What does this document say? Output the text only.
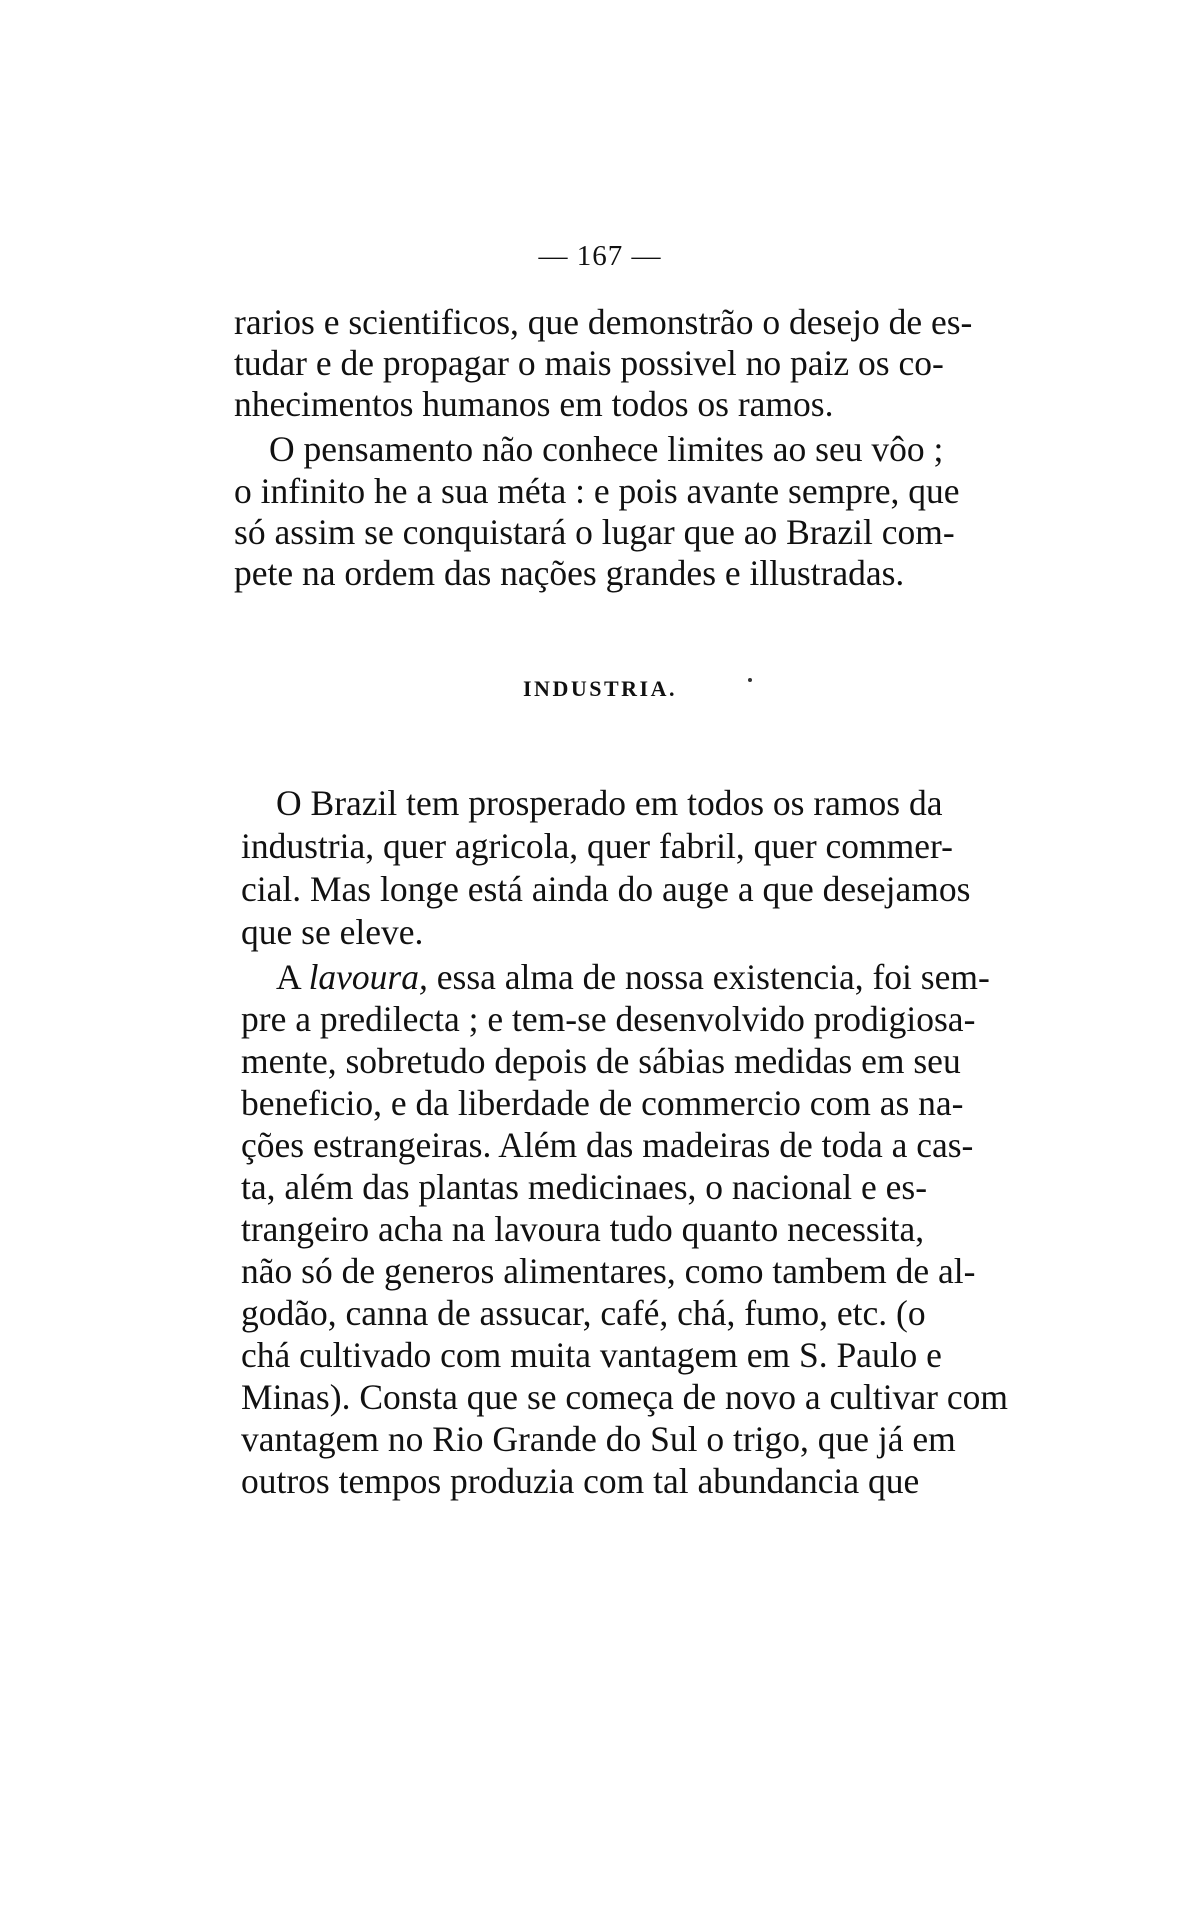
— 167 —
rarios e scientificos, que demonstrão o desejo de es-
tudar e de propagar o mais possivel no paiz os co-
nhecimentos humanos em todos os ramos.
O pensamento não conhece limites ao seu vôo ;
o infinito he a sua méta : e pois avante sempre, que
só assim se conquistará o lugar que ao Brazil com-
pete na ordem das nações grandes e illustradas.
INDUSTRIA.
O Brazil tem prosperado em todos os ramos da
industria, quer agricola, quer fabril, quer commer-
cial. Mas longe está ainda do auge a que desejamos
que se eleve.
A lavoura, essa alma de nossa existencia, foi sem-
pre a predilecta ; e tem-se desenvolvido prodigiosa-
mente, sobretudo depois de sábias medidas em seu
beneficio, e da liberdade de commercio com as na-
ções estrangeiras. Além das madeiras de toda a cas-
ta, além das plantas medicinaes, o nacional e es-
trangeiro acha na lavoura tudo quanto necessita,
não só de generos alimentares, como tambem de al-
godão, canna de assucar, café, chá, fumo, etc. (o
chá cultivado com muita vantagem em S. Paulo e
Minas). Consta que se começa de novo a cultivar com
vantagem no Rio Grande do Sul o trigo, que já em
outros tempos produzia com tal abundancia que
